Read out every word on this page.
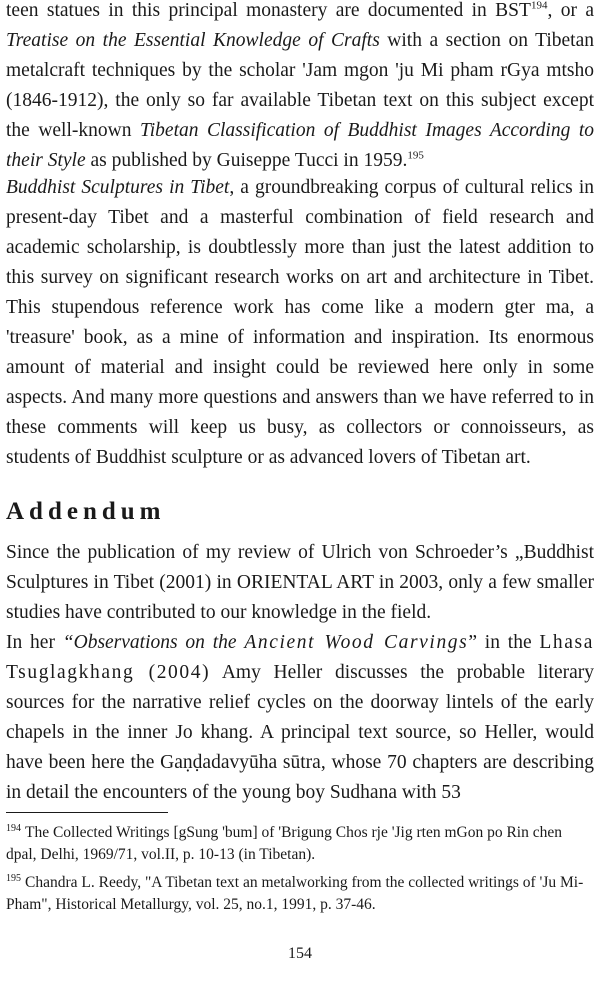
teen statues in this principal monastery are documented in BST$^{194}$, or a Treatise on the Essential Knowledge of Crafts with a section on Tibetan metalcraft techniques by the scholar 'Jam mgon 'ju Mi pham rGya mtsho (1846-1912), the only so far available Tibetan text on this subject except the well-known Tibetan Classification of Buddhist Images According to their Style as published by Guiseppe Tucci in 1959.$^{195}$

Buddhist Sculptures in Tibet, a groundbreaking corpus of cultural relics in present-day Tibet and a masterful combination of field research and academic scholarship, is doubtlessly more than just the latest addition to this survey on significant research works on art and architecture in Tibet. This stupendous reference work has come like a modern gter ma, a 'treasure' book, as a mine of information and inspiration. Its enormous amount of material and insight could be reviewed here only in some aspects. And many more questions and answers than we have referred to in these comments will keep us busy, as collectors or connoisseurs, as students of Buddhist sculpture or as advanced lovers of Tibetan art.

Addendum

Since the publication of my review of Ulrich von Schroeder’s „Buddhist Sculptures in Tibet (2001) in ORIENTAL ART in 2003, only a few smaller studies have contributed to our knowledge in the field.

In her “Observations on the Ancient Wood Carvings” in the Lhasa Tsuglagkhang (2004) Amy Heller discusses the probable literary sources for the narrative relief cycles on the doorway lintels of the early chapels in the inner Jo khang. A principal text source, so Heller, would have been here the Gaṇḍadavyūha sūtra, whose 70 chapters are describing in detail the encounters of the young boy Sudhana with 53

$^{194}$ The Collected Writings [gSung 'bum] of 'Brigung Chos rje 'Jig rten mGon po Rin chen dpal, Delhi, 1969/71, vol.II, p. 10-13 (in Tibetan).

$^{195}$ Chandra L. Reedy, "A Tibetan text an metalworking from the collected writings of 'Ju Mi-Pham", Historical Metallurgy, vol. 25, no.1, 1991, p. 37-46.

154
